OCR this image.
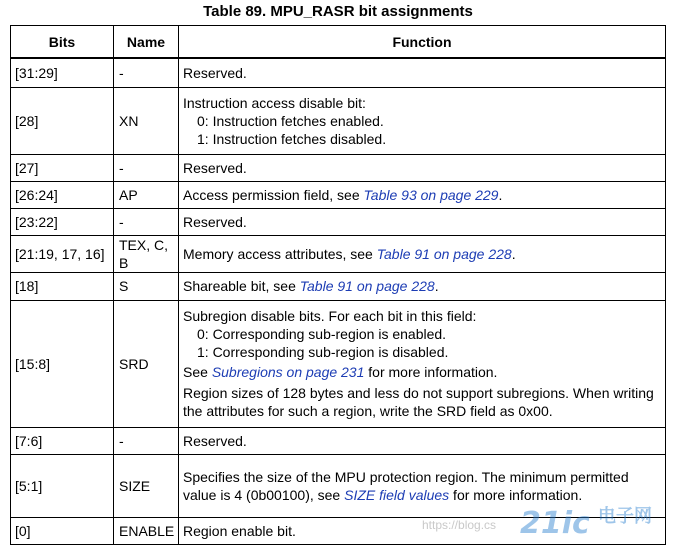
Table 89. MPU_RASR bit assignments
Bits	Name	Function
[31:29]	-	Reserved.
[28]	XN	Instruction access disable bit:
0: Instruction fetches enabled.
1: Instruction fetches disabled.

[27]	-	Reserved.
[26:24]	AP	Access permission field, see Table 93 on page 229.
[23:22]	-	Reserved.
[21:19, 17, 16]	TEX, C, B	Memory access attributes, see Table 91 on page 228.
[18]	S	Shareable bit, see Table 91 on page 228.
[15:8]	SRD	Subregion disable bits. For each bit in this field:
0: Corresponding sub-region is enabled.
1: Corresponding sub-region is disabled.
See Subregions on page 231 for more information.
Region sizes of 128 bytes and less do not support subregions. When writing the attributes for such a region, write the SRD field as 0x00.

[7:6]	-	Reserved.
[5:1]	SIZE	Specifies the size of the MPU protection region. The minimum permitted value is 4 (0b00100), see SIZE field values for more information.
[0]	ENABLE	Region enable bit.	https://blog.cs 21ic 电子网
